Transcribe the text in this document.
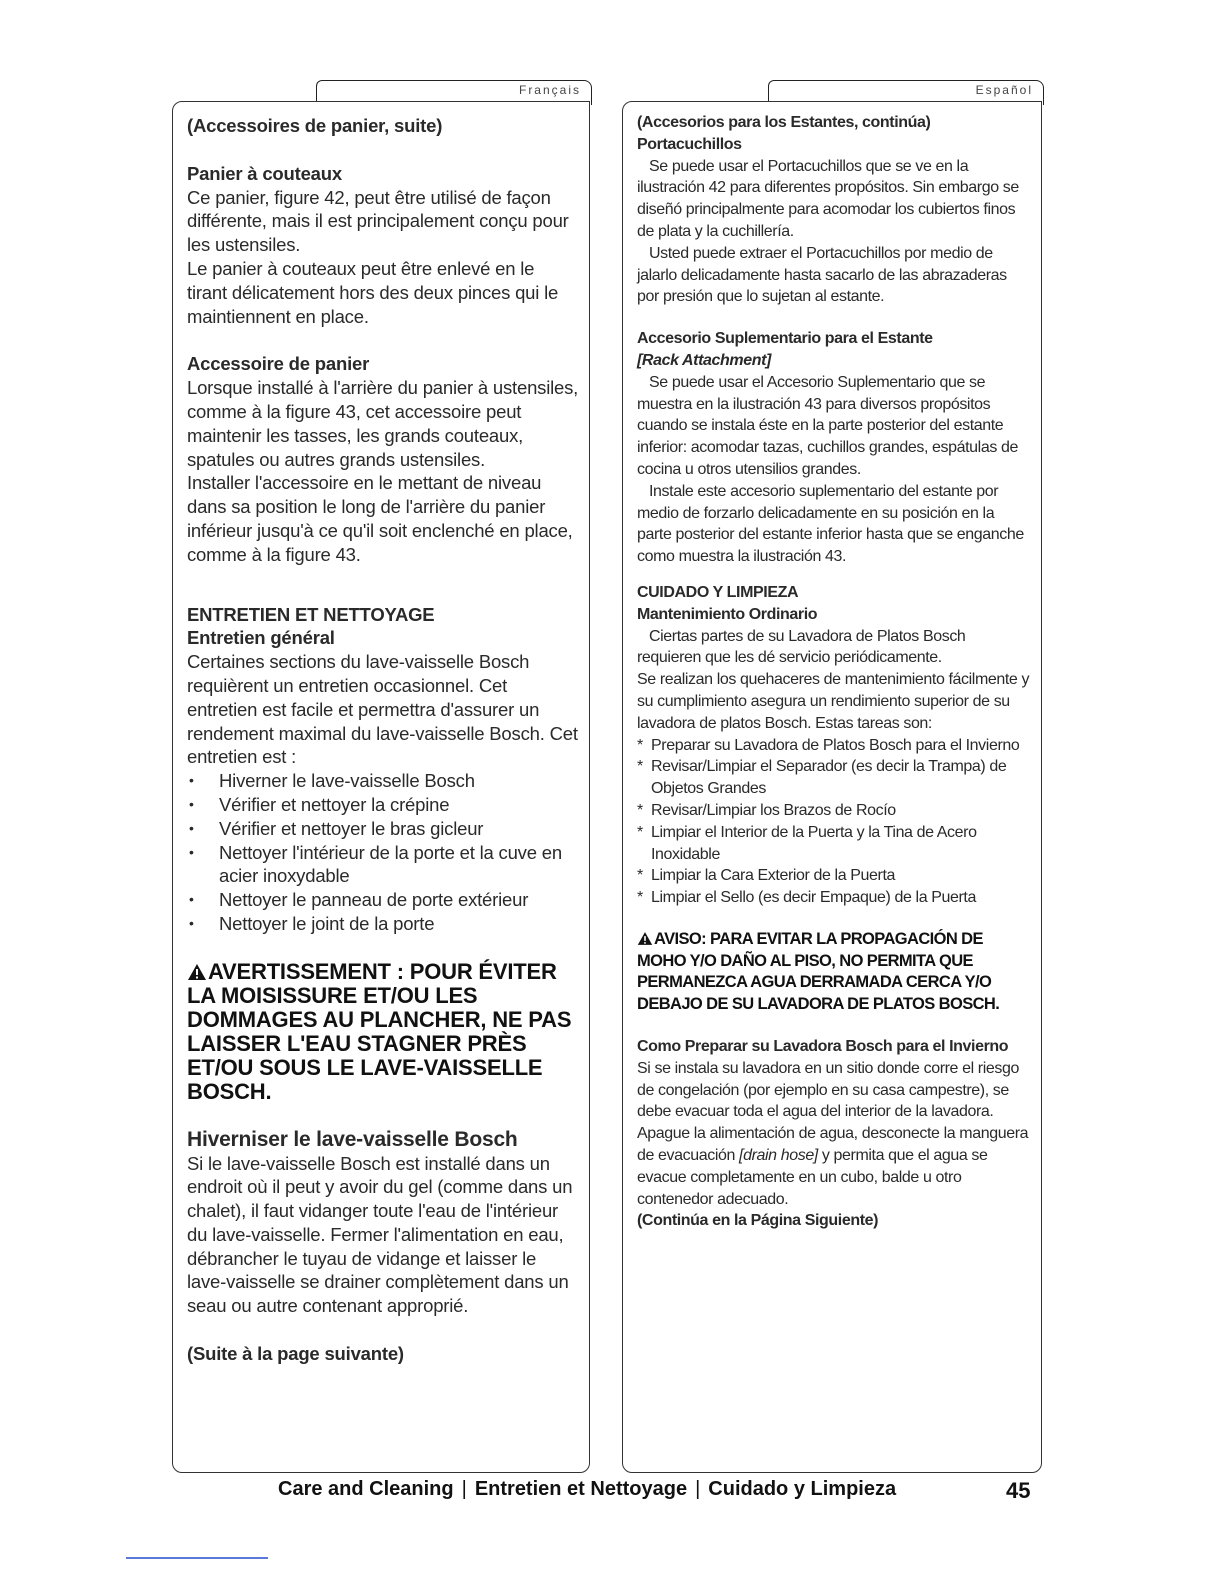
Français	Español

(Accessoires de panier, suite)

Panier à couteaux

Ce panier, figure 42, peut être utilisé de façon différente, mais il est principalement conçu pour les ustensiles.

Le panier à couteaux peut être enlevé en le tirant délicatement hors des deux pinces qui le maintiennent en place.

Accessoire de panier

Lorsque installé à l'arrière du panier à ustensiles, comme à la figure 43, cet accessoire peut maintenir les tasses, les grands couteaux, spatules ou autres grands ustensiles.

Installer l'accessoire en le mettant de niveau dans sa position le long de l'arrière du panier inférieur jusqu'à ce qu'il soit enclenché en place, comme à la figure 43.

ENTRETIEN ET NETTOYAGE

Entretien général

Certaines sections du lave-vaisselle Bosch requièrent un entretien occasionnel. Cet entretien est facile et permettra d'assurer un rendement maximal du lave-vaisselle Bosch. Cet entretien est :

• Hiverner le lave-vaisselle Bosch
• Vérifier et nettoyer la crépine
• Vérifier et nettoyer le bras gicleur
• Nettoyer l'intérieur de la porte et la cuve en acier inoxydable
• Nettoyer le panneau de porte extérieur
• Nettoyer le joint de la porte
AVERTISSEMENT : POUR ÉVITER LA MOISISSURE ET/OU LES DOMMAGES AU PLANCHER, NE PAS LAISSER L'EAU STAGNER PRÈS ET/OU SOUS LE LAVE-VAISSELLE BOSCH.

Hiverniser le lave-vaisselle Bosch

Si le lave-vaisselle Bosch est installé dans un endroit où il peut y avoir du gel (comme dans un chalet), il faut vidanger toute l'eau de l'intérieur du lave-vaisselle. Fermer l'alimentation en eau, débrancher le tuyau de vidange et laisser le lave-vaisselle se drainer complètement dans un seau ou autre contenant approprié.

(Suite à la page suivante)

(Accesorios para los Estantes, continúa)

Portacuchillos

Se puede usar el Portacuchillos que se ve en la ilustración 42 para diferentes propósitos. Sin embargo se diseñó principalmente para acomodar los cubiertos finos de plata y la cuchillería.

Usted puede extraer el Portacuchillos por medio de jalarlo delicadamente hasta sacarlo de las abrazaderas por presión que lo sujetan al estante.

Accesorio Suplementario para el Estante

[Rack Attachment]

Se puede usar el Accesorio Suplementario que se muestra en la ilustración 43 para diversos propósitos cuando se instala éste en la parte posterior del estante inferior: acomodar tazas, cuchillos grandes, espátulas de cocina u otros utensilios grandes.

Instale este accesorio suplementario del estante por medio de forzarlo delicadamente en su posición en la parte posterior del estante inferior hasta que se enganche como muestra la ilustración 43.

CUIDADO Y LIMPIEZA

Mantenimiento Ordinario

Ciertas partes de su Lavadora de Platos Bosch requieren que les dé servicio periódicamente.

Se realizan los quehaceres de mantenimiento fácilmente y su cumplimiento asegura un rendimiento superior de su lavadora de platos Bosch. Estas tareas son:

* Preparar su Lavadora de Platos Bosch para el Invierno
* Revisar/Limpiar el Separador (es decir la Trampa) de Objetos Grandes
* Revisar/Limpiar los Brazos de Rocío
* Limpiar el Interior de la Puerta y la Tina de Acero Inoxidable
* Limpiar la Cara Exterior de la Puerta
* Limpiar el Sello (es decir Empaque) de la Puerta
AVISO: PARA EVITAR LA PROPAGACIÓN DE MOHO Y/O DAÑO AL PISO, NO PERMITA QUE PERMANEZCA AGUA DERRAMADA CERCA Y/O DEBAJO DE SU LAVADORA DE PLATOS BOSCH.

Como Preparar su Lavadora Bosch para el Invierno

Si se instala su lavadora en un sitio donde corre el riesgo de congelación (por ejemplo en su casa campestre), se debe evacuar toda el agua del interior de la lavadora. Apague la alimentación de agua, desconecte la manguera de evacuación [drain hose] y permita que el agua se evacue completamente en un cubo, balde u otro contenedor adecuado.

(Continúa en la Página Siguiente)

Care and Cleaning | Entretien et Nettoyage | Cuidado y Limpieza	45
